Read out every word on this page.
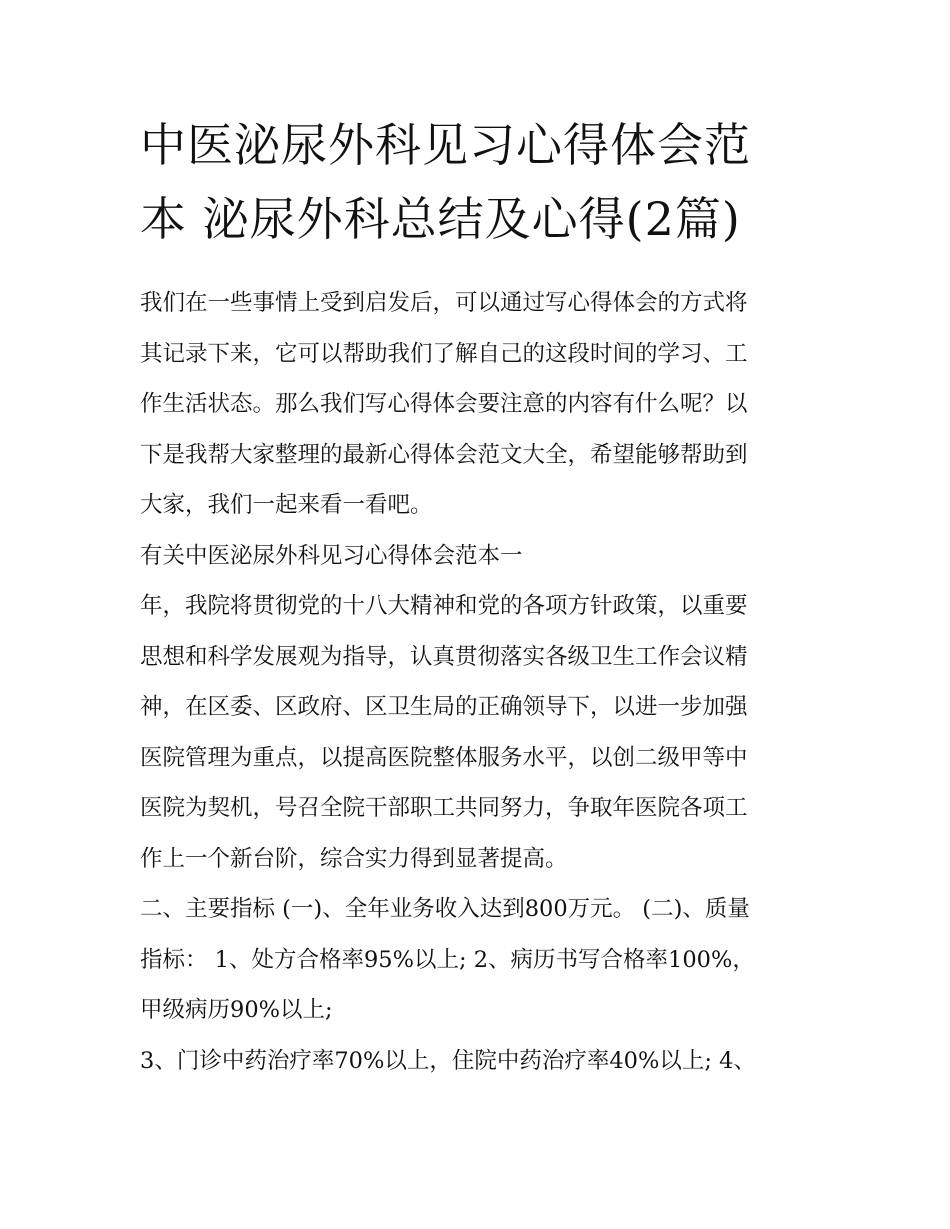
中医泌尿外科见习心得体会范
本 泌尿外科总结及心得(2篇)
我们在一些事情上受到启发后，可以通过写心得体会的方式将
其记录下来，它可以帮助我们了解自己的这段时间的学习、工
作生活状态。那么我们写心得体会要注意的内容有什么呢？以
下是我帮大家整理的最新心得体会范文大全，希望能够帮助到
大家，我们一起来看一看吧。
有关中医泌尿外科见习心得体会范本一
年，我院将贯彻党的十八大精神和党的各项方针政策，以重要
思想和科学发展观为指导，认真贯彻落实各级卫生工作会议精
神，在区委、区政府、区卫生局的正确领导下，以进一步加强
医院管理为重点，以提高医院整体服务水平，以创二级甲等中
医院为契机，号召全院干部职工共同努力，争取年医院各项工
作上一个新台阶，综合实力得到显著提高。
二、主要指标 (一)、全年业务收入达到800万元。 (二)、质量
指标： 1、处方合格率95%以上; 2、病历书写合格率100%，
甲级病历90%以上;
3、门诊中药治疗率70%以上，住院中药治疗率40%以上; 4、
